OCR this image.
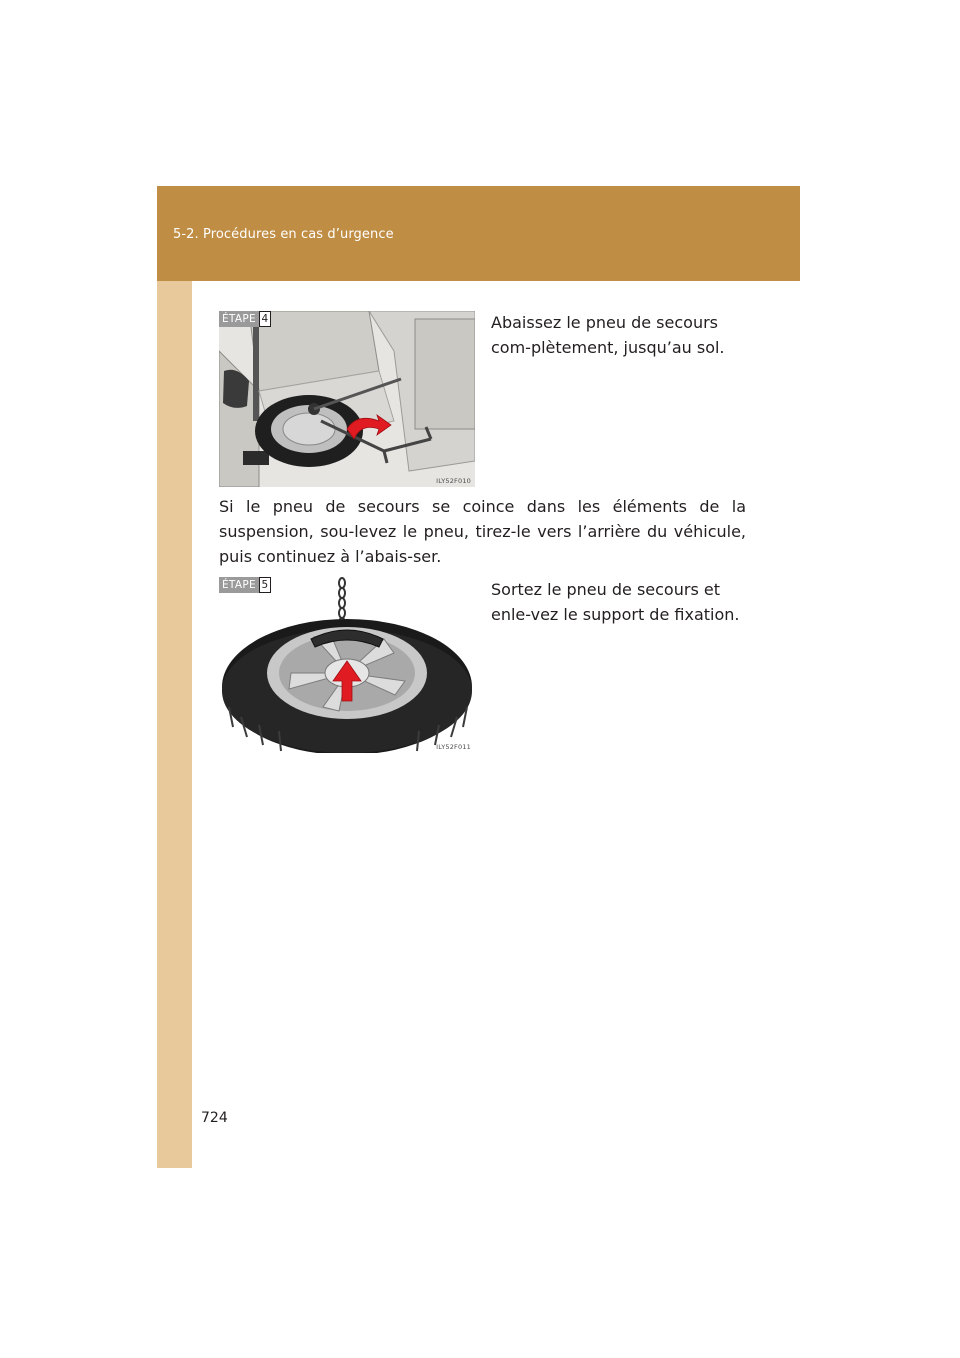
5-2. Procédures en cas d’urgence
ÉTAPE 4
ILY52F010
Abaissez le pneu de secours com-plètement, jusqu’au sol.
Si le pneu de secours se coince dans les éléments de la suspension, sou-levez le pneu, tirez-le vers l’arrière du véhicule, puis continuez à l’abais-ser.
ÉTAPE 5
ILY52F011
Sortez le pneu de secours et enle-vez le support de fixation.
724
